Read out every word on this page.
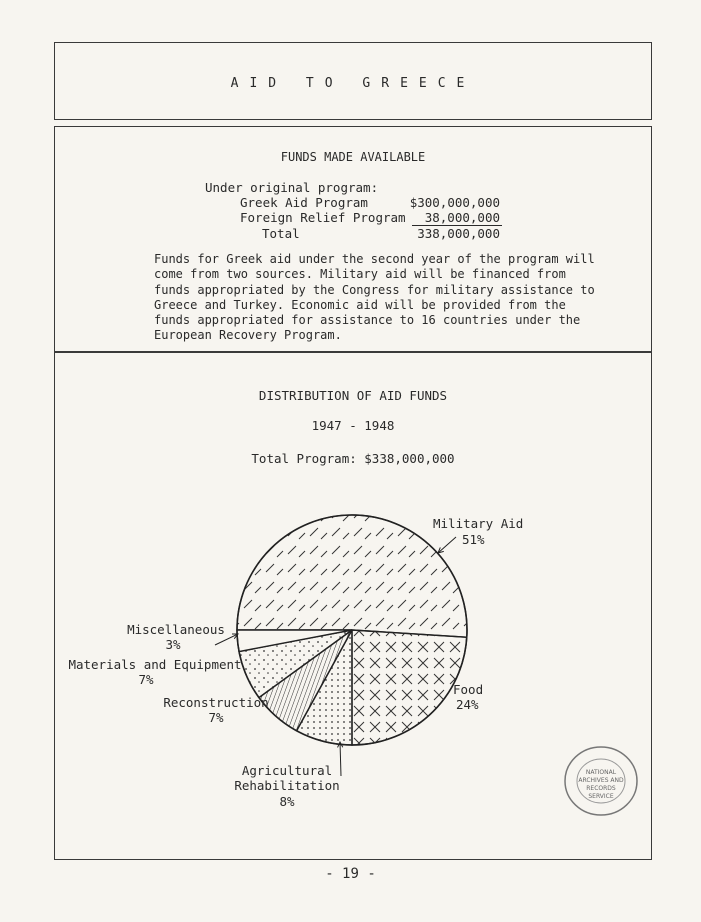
AID TO GREECE
FUNDS MADE AVAILABLE
Under original program:
Greek Aid Program	$300,000,000
Foreign Relief Program	38,000,000
Total	338,000,000
Funds for Greek aid under the second year of the program will
come from two sources. Military aid will be financed from
funds appropriated by the Congress for military assistance to
Greece and Turkey. Economic aid will be provided from the
funds appropriated for assistance to 16 countries under the
European Recovery Program.
DISTRIBUTION OF AID FUNDS
1947 - 1948
Total Program: $338,000,000
Military Aid
51%
Food
24%
Agricultural
Rehabilitation
8%
Reconstruction
7%
Materials and Equipment
7%
Miscellaneous
3%
NATIONAL
ARCHIVES AND
RECORDS
SERVICE
- 19 -
